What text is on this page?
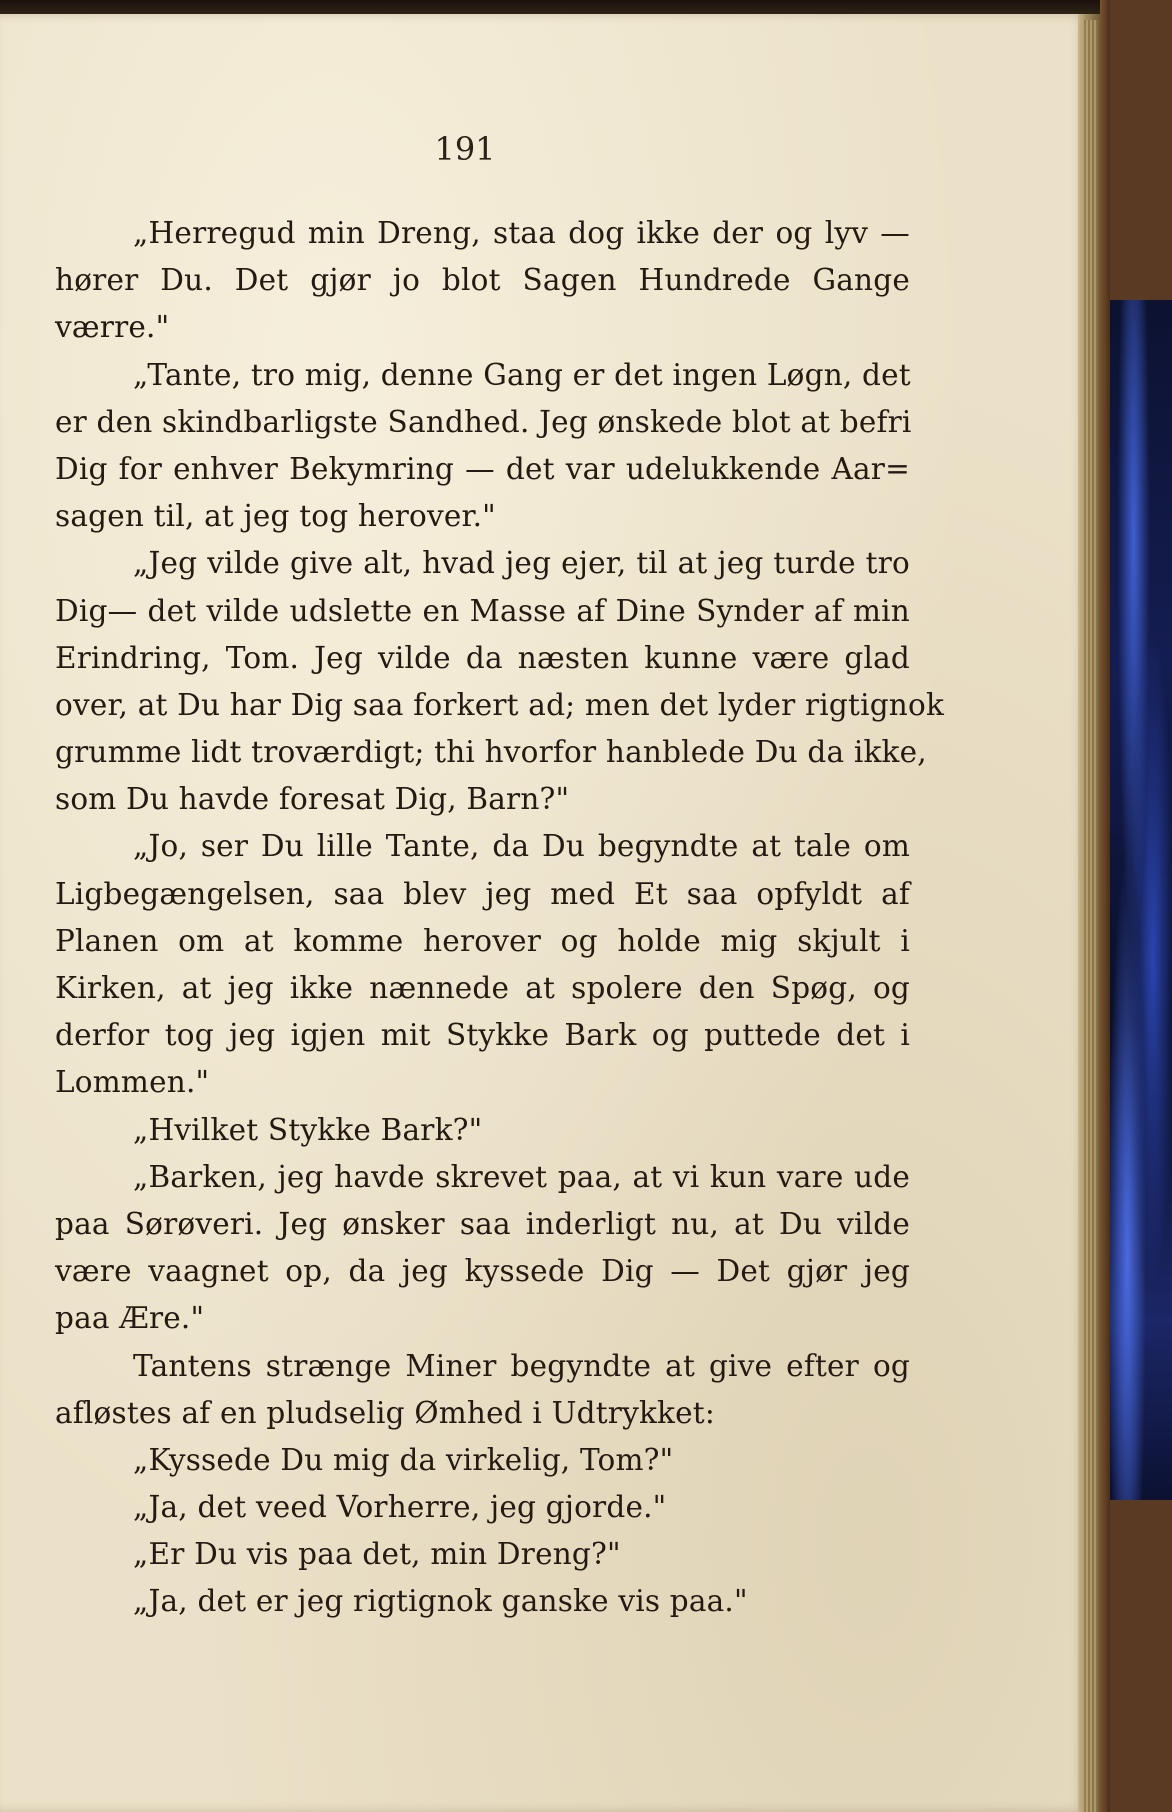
191
„Herregud min Dreng, staa dog ikke der og lyv —
hører Du. Det gjør jo blot Sagen Hundrede Gange
værre."
„Tante, tro mig, denne Gang er det ingen Løgn, det
er den skindbarligste Sandhed. Jeg ønskede blot at befri
Dig for enhver Bekymring — det var udelukkende Aar=
sagen til, at jeg tog herover."
„Jeg vilde give alt, hvad jeg ejer, til at jeg turde tro
Dig— det vilde udslette en Masse af Dine Synder af min
Erindring, Tom. Jeg vilde da næsten kunne være glad
over, at Du har Dig saa forkert ad; men det lyder rigtignok
grumme lidt troværdigt; thi hvorfor hanblede Du da ikke,
som Du havde foresat Dig, Barn?"
„Jo, ser Du lille Tante, da Du begyndte at tale om
Ligbegængelsen, saa blev jeg med Et saa opfyldt af
Planen om at komme herover og holde mig skjult i
Kirken, at jeg ikke nænnede at spolere den Spøg, og
derfor tog jeg igjen mit Stykke Bark og puttede det i
Lommen."
„Hvilket Stykke Bark?"
„Barken, jeg havde skrevet paa, at vi kun vare ude
paa Sørøveri. Jeg ønsker saa inderligt nu, at Du vilde
være vaagnet op, da jeg kyssede Dig — Det gjør jeg
paa Ære."
Tantens strænge Miner begyndte at give efter og
afløstes af en pludselig Ømhed i Udtrykket:
„Kyssede Du mig da virkelig, Tom?"
„Ja, det veed Vorherre, jeg gjorde."
„Er Du vis paa det, min Dreng?"
„Ja, det er jeg rigtignok ganske vis paa."
